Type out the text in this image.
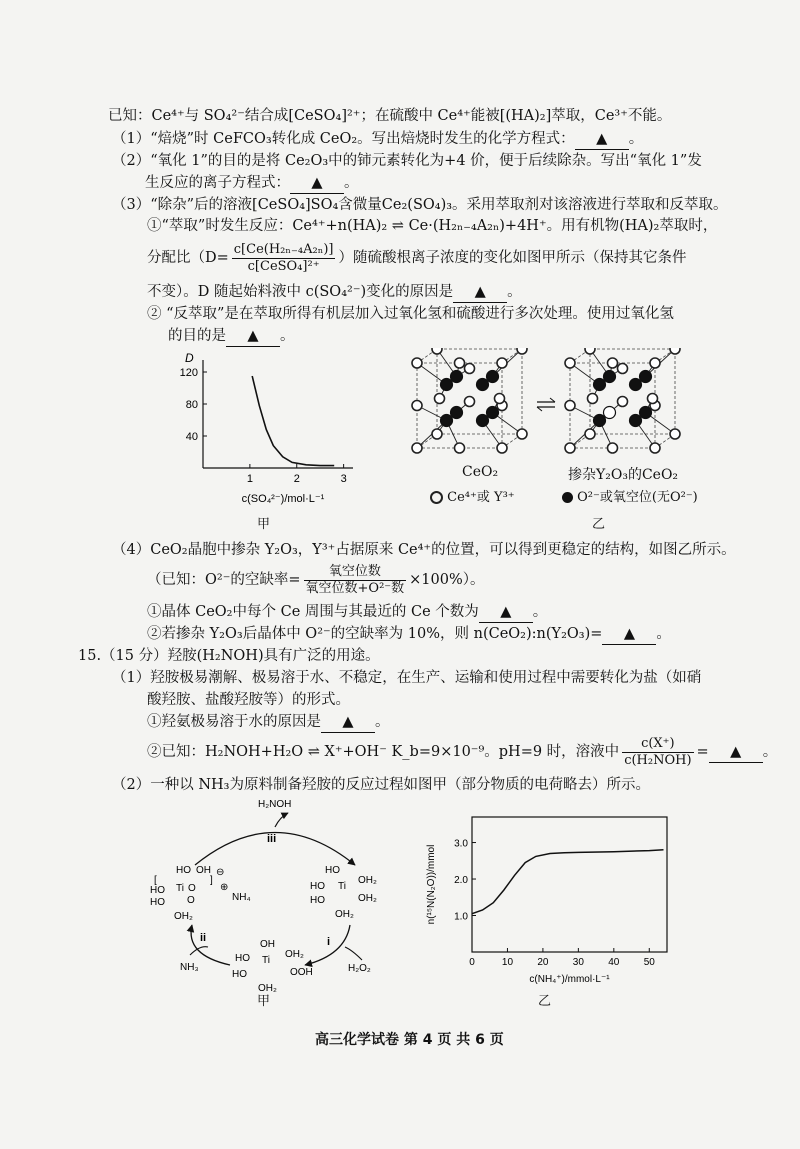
已知：Ce⁴⁺与 SO₄²⁻结合成[CeSO₄]²⁺；在硫酸中 Ce⁴⁺能被[(HA)₂]萃取，Ce³⁺不能。
（1）“焙烧”时 CeFCO₃转化成 CeO₂。写出焙烧时发生的化学方程式： ▲ 。
（2）“氧化 1”的目的是将 Ce₂O₃中的铈元素转化为+4 价，便于后续除杂。写出“氧化 1”发
生反应的离子方程式： ▲ 。
（3）“除杂”后的溶液[CeSO₄]SO₄含微量Ce₂(SO₄)₃。采用萃取剂对该溶液进行萃取和反萃取。
①“萃取”时发生反应：Ce⁴⁺+n(HA)₂ ⇌ Ce·(H₂ₙ₋₄A₂ₙ)+4H⁺。用有机物(HA)₂萃取时，
分配比（$D= \frac{\text{c[Ce(H₂ₙ₋₄A₂ₙ)]}}{\text{c[CeSO₄]²⁺}}$ ）随硫酸根离子浓度的变化如图甲所示（保持其它条件
不变）。D 随起始料液中 c(SO₄²⁻)变化的原因是 ▲ 。
② “反萃取”是在萃取所得有机层加入过氧化氢和硫酸进行多次处理。使用过氧化氢
的目的是 ▲ 。
D
40
80
120
1	2	3
c(SO₄²⁻)/mol·L⁻¹
甲
CeO₂	掺杂Y₂O₃的CeO₂
Ce⁴⁺或 Y³⁺	O²⁻或氧空位(无O²⁻)
乙
（4）CeO₂晶胞中掺杂 Y₂O₃，Y³⁺占据原来 Ce⁴⁺的位置，可以得到更稳定的结构，如图乙所示。
（已知：O²⁻的空缺率= $\frac{\text{氧空位数}}{\text{氧空位数+O²⁻数}} \times 100\%$）。
①晶体 CeO₂中每个 Ce 周围与其最近的 Ce 个数为 ▲ 。
②若掺杂 Y₂O₃后晶体中 O²⁻的空缺率为 10%，则 n(CeO₂):n(Y₂O₃)= ▲ 。
15.（15 分）羟胺(H₂NOH)具有广泛的用途。
（1）羟胺极易潮解、极易溶于水、不稳定，在生产、运输和使用过程中需要转化为盐（如硝
酸羟胺、盐酸羟胺等）的形式。
①羟氨极易溶于水的原因是 ▲ 。
②已知：H₂NOH+H₂O ⇌ X⁺+OH⁻ K_b=9×10⁻⁹。pH=9 时，溶液中 $\frac{c(X^+)}{\text{c(H₂NOH)}}$ =	▲	。
（2）一种以 NH₃为原料制备羟胺的反应过程如图甲（部分物质的电荷略去）所示。
H₂NOH
iii
[
HO OH
HO Ti O
HO O
OH₂
]
⊖
⊕
NH₄
HO
HO Ti
OH₂
HO	OH₂
OH₂
i
H₂O₂
OH
HO Ti
OH₂
HO	OOH
OH₂
ii
NH₃
甲
1.0
2.0
3.0
0	10 20 30 40 50
c(NH₄⁺)/mmol·L⁻¹
n(¹⁵N(N₂O))/mmol
乙
高三化学试卷 第 4 页 共 6 页
